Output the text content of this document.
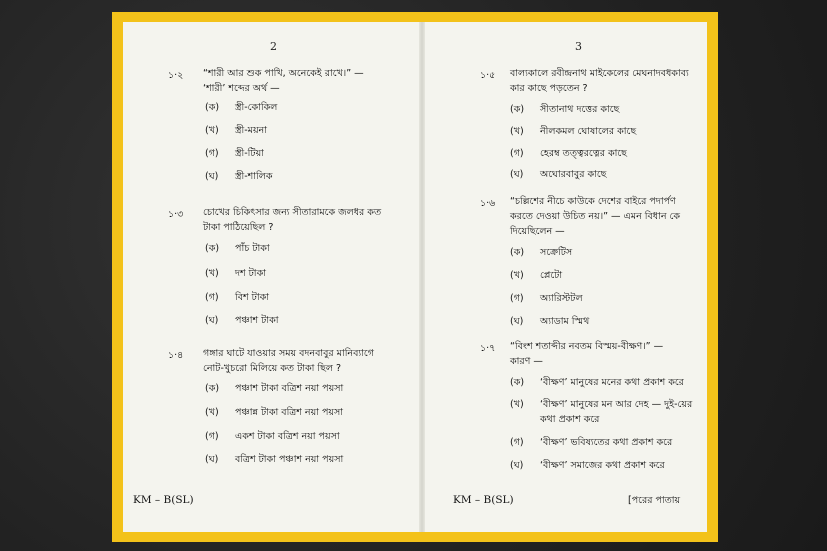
2
১·২ “শারী আর শুক পাখি, অনেকেই রাখে।” —
‘শারী’ শব্দের অর্থ —
(ক) স্ত্রী-কোকিল
(খ) স্ত্রী-ময়না
(গ) স্ত্রী-টিয়া
(ঘ) স্ত্রী-শালিক
১·৩ চোখের চিকিৎসার জন্য সীতারামকে জলধর কত
টাকা পাঠিয়েছিল ?
(ক) পাঁচ টাকা
(খ) দশ টাকা
(গ) বিশ টাকা
(ঘ) পঞ্চাশ টাকা
১·৪ গঙ্গার ঘাটে যাওয়ার সময় বদনবাবুর মানিব্যাগে
নোট-খুচরো মিলিয়ে কত টাকা ছিল ?
(ক) পঞ্চাশ টাকা বত্রিশ নয়া পয়সা
(খ) পঞ্চান্ন টাকা বত্রিশ নয়া পয়সা
(গ) একশ টাকা বত্রিশ নয়া পয়সা
(ঘ) বত্রিশ টাকা পঞ্চাশ নয়া পয়সা
KM – B(SL)
3
১·৫ বাল্যকালে রবীন্দ্রনাথ মাইকেলের মেঘনাদবধকাব্য
কার কাছে পড়তেন ?
(ক) সীতানাথ দত্তের কাছে
(খ) নীলকমল ঘোষালের কাছে
(গ) হেরম্ব তত্ত্বরত্নের কাছে
(ঘ) অঘোরবাবুর কাছে
১·৬ “চল্লিশের নীচে কাউকে দেশের বাইরে পদার্পণ
করতে দেওয়া উচিত নয়।” — এমন বিধান কে
দিয়েছিলেন —
(ক) সক্রেটিস
(খ) প্লেটো
(গ) অ্যারিস্টটল
(ঘ) অ্যাডাম স্মিথ
১·৭ “বিংশ শতাব্দীর নবতম বিস্ময়-বীক্ষণ।” —
কারণ —
(ক) ‘বীক্ষণ’ মানুষের মনের কথা প্রকাশ করে
(খ) ‘বীক্ষণ’ মানুষের মন আর দেহ — দুই-য়ের
কথা প্রকাশ করে
(গ) ‘বীক্ষণ’ ভবিষ্যতের কথা প্রকাশ করে
(ঘ) ‘বীক্ষণ’ সমাজের কথা প্রকাশ করে
KM – B(SL)	[পরের পাতায়
